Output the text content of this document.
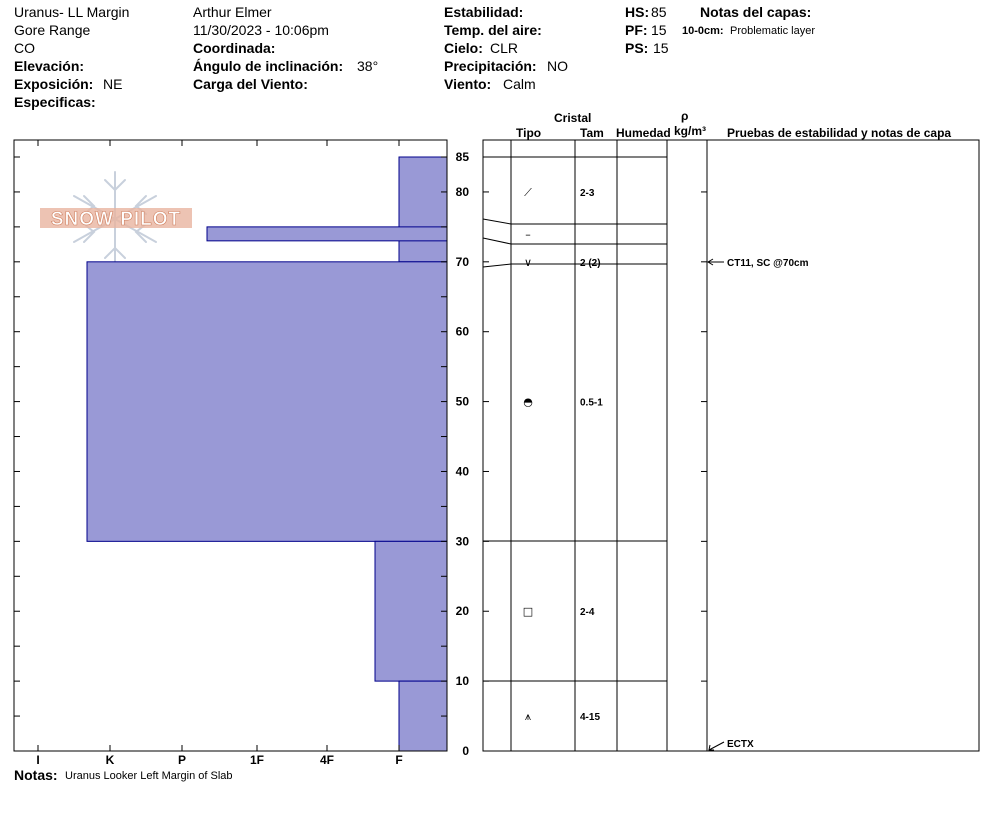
Uranus- LL Margin
Gore Range
CO
Elevación:
Exposición: NE
Especificas:
Arthur Elmer
11/30/2023 - 10:06pm
Coordinada:
Ángulo de inclinación: 38°
Carga del Viento:
Estabilidad:
Temp. del aire:
Cielo: CLR
Precipitación: NO
Viento: Calm
HS: 85
PF: 15
PS: 15
Notas del capas:
10-0cm: Problematic layer
Cristal
Tipo	Tam Humedad
ρ
kg/m³ Pruebas de estabilidad y notas de capa
SNOW PILOT
I	K	P	1F	4F	F
85
80
70
60
50
40
30
20
10
0
⟋	2-3
–
∨	2 (2)
◓	0.5-1
□	2-4
⩚	4-15
CT11, SC @70cm
ECTX
Notas: Uranus Looker Left Margin of Slab
